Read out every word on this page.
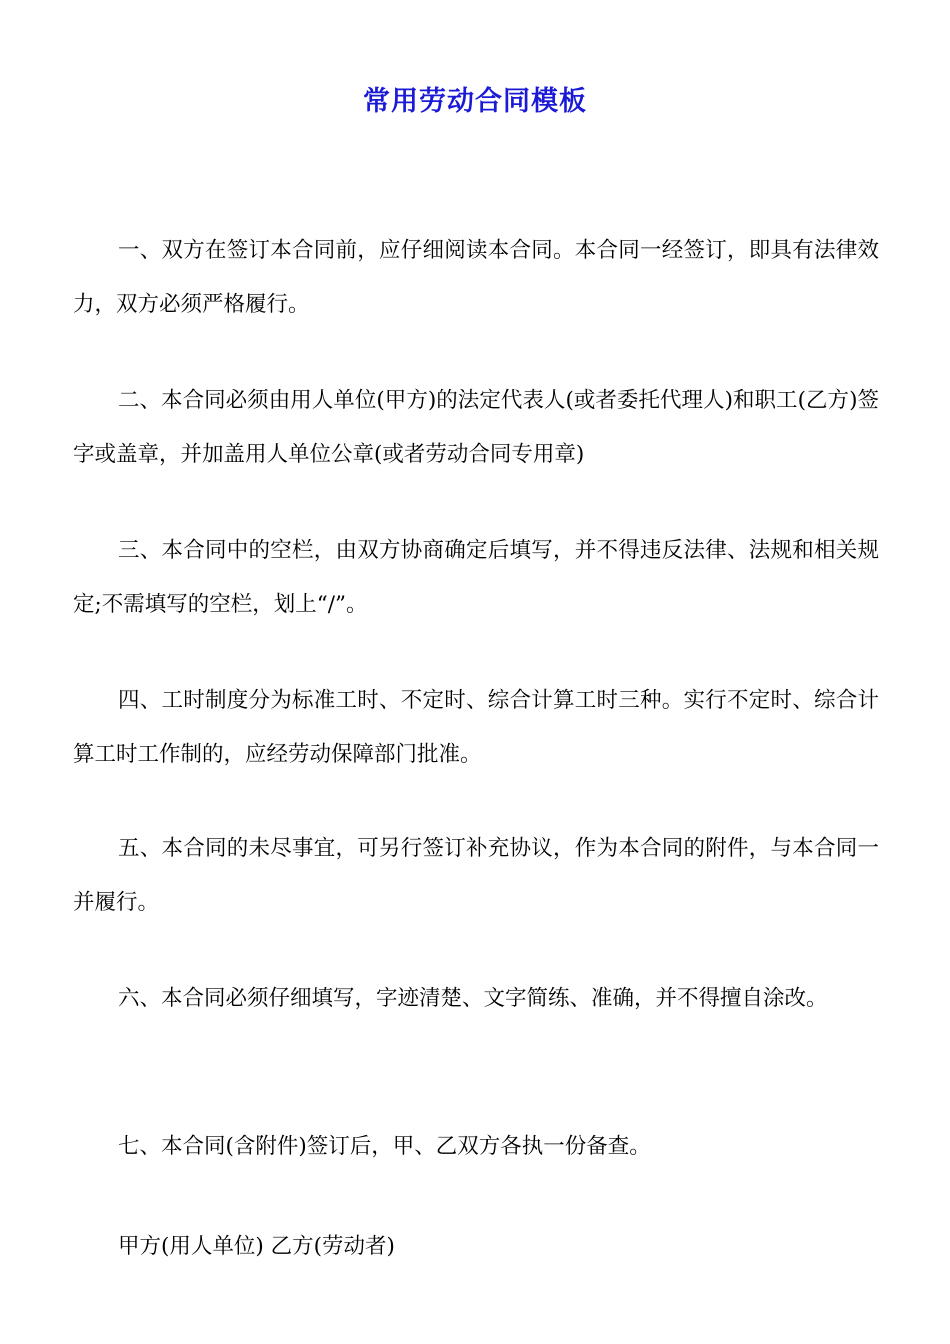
常用劳动合同模板

一、双方在签订本合同前，应仔细阅读本合同。本合同一经签订，即具有法律效力，双方必须严格履行。

二、本合同必须由用人单位(甲方)的法定代表人(或者委托代理人)和职工(乙方)签字或盖章，并加盖用人单位公章(或者劳动合同专用章)

三、本合同中的空栏，由双方协商确定后填写，并不得违反法律、法规和相关规定;不需填写的空栏，划上“/”。

四、工时制度分为标准工时、不定时、综合计算工时三种。实行不定时、综合计算工时工作制的，应经劳动保障部门批准。

五、本合同的未尽事宜，可另行签订补充协议，作为本合同的附件，与本合同一并履行。

六、本合同必须仔细填写，字迹清楚、文字简练、准确，并不得擅自涂改。

七、本合同(含附件)签订后，甲、乙双方各执一份备查。

甲方(用人单位) 乙方(劳动者)
